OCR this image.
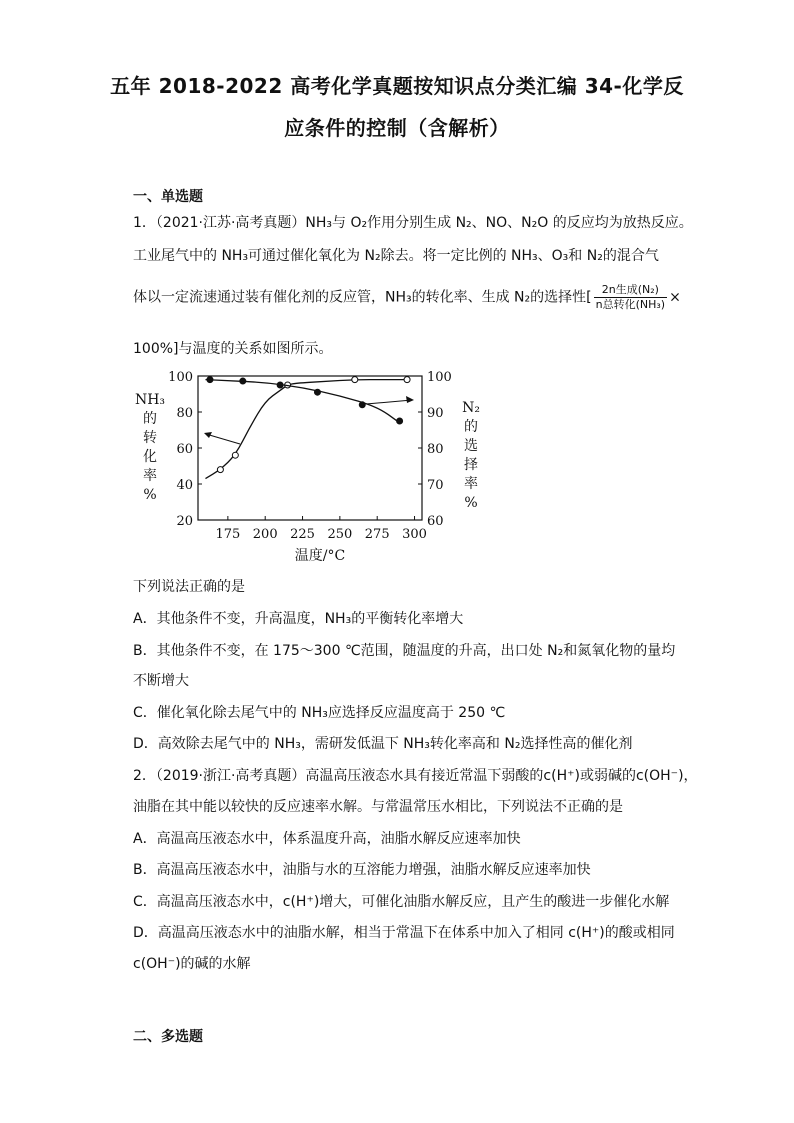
五年 2018-2022 高考化学真题按知识点分类汇编 34-化学反
应条件的控制（含解析）
一、单选题
1．（2021·江苏·高考真题）NH₃与 O₂作用分别生成 N₂、NO、N₂O 的反应均为放热反应。
工业尾气中的 NH₃可通过催化氧化为 N₂除去。将一定比例的 NH₃、O₃和 N₂的混合气
体以一定流速通过装有催化剂的反应管，NH₃的转化率、生成 N₂的选择性[ $\frac{\text{2n生成(N₂)}}{\text{n总转化(NH₃)}}$ ×
100%]与温度的关系如图所示。
175 200 225 250 275 300
20
40
60
80
100
60
70
80
90
100
NH₃
的
转
化
率
%
N₂
的
选
择
率
%
温度/°C
下列说法正确的是
A．其他条件不变，升高温度，NH₃的平衡转化率增大
B．其他条件不变，在 175～300 ℃范围，随温度的升高，出口处 N₂和氮氧化物的量均
不断增大
C．催化氧化除去尾气中的 NH₃应选择反应温度高于 250 ℃
D．高效除去尾气中的 NH₃，需研发低温下 NH₃转化率高和 N₂选择性高的催化剂
2．（2019·浙江·高考真题）高温高压液态水具有接近常温下弱酸的c(H⁺)或弱碱的c(OH⁻)，
油脂在其中能以较快的反应速率水解。与常温常压水相比，下列说法不正确的是
A．高温高压液态水中，体系温度升高，油脂水解反应速率加快
B．高温高压液态水中，油脂与水的互溶能力增强，油脂水解反应速率加快
C．高温高压液态水中，c(H⁺)增大，可催化油脂水解反应，且产生的酸进一步催化水解
D．高温高压液态水中的油脂水解，相当于常温下在体系中加入了相同 c(H⁺)的酸或相同
c(OH⁻)的碱的水解
二、多选题
